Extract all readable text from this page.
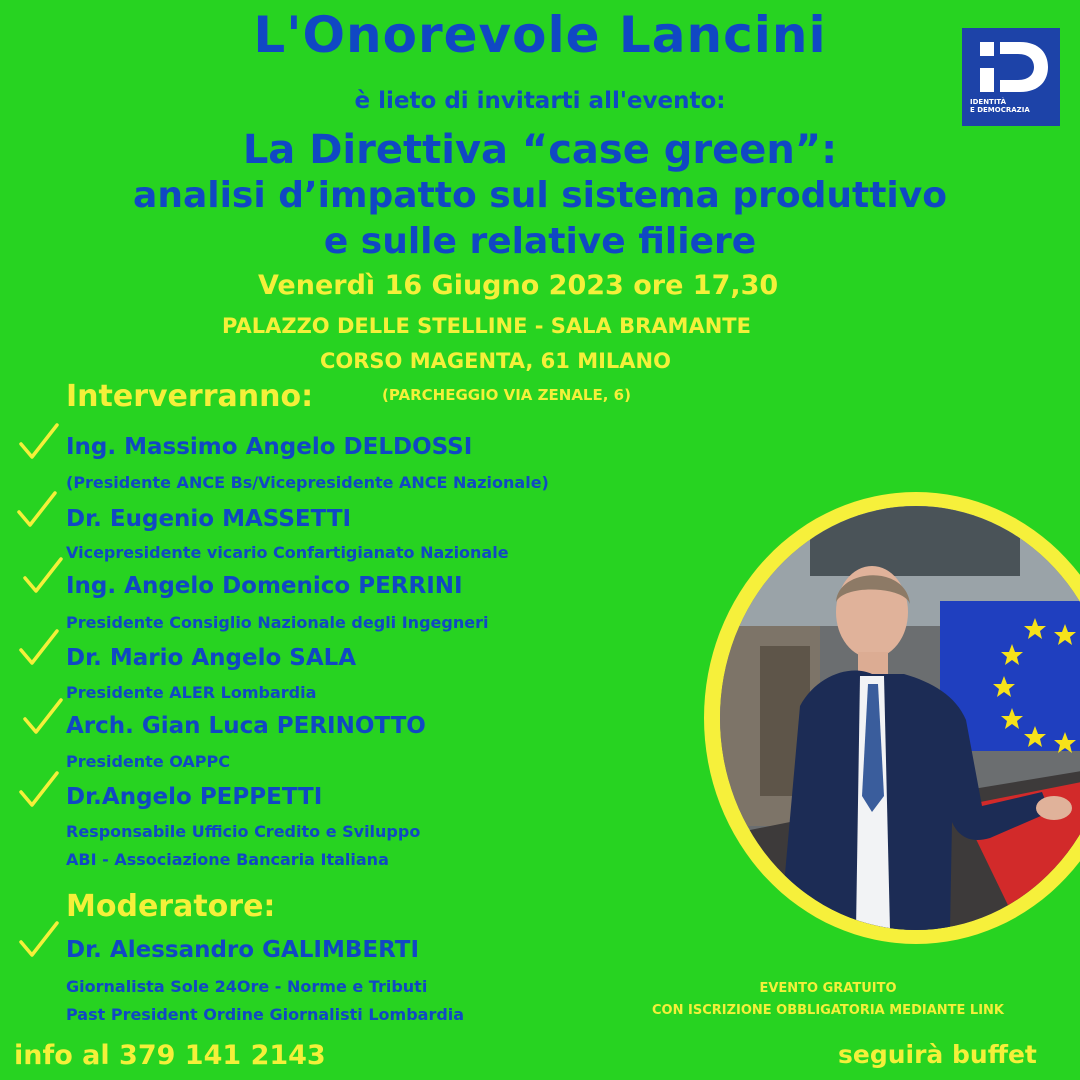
L'Onorevole Lancini
è lieto di invitarti all'evento:
La Direttiva “case green”:
analisi d’impatto sul sistema produttivo
e sulle relative filiere
Venerdì 16 Giugno 2023 ore 17,30
PALAZZO DELLE STELLINE - SALA BRAMANTE
CORSO MAGENTA, 61 MILANO
(PARCHEGGIO VIA ZENALE, 6)
Interverranno:
Ing. Massimo Angelo DELDOSSI
(Presidente ANCE Bs/Vicepresidente ANCE Nazionale)
Dr. Eugenio MASSETTI
Vicepresidente vicario Confartigianato Nazionale
Ing. Angelo Domenico PERRINI
Presidente Consiglio Nazionale degli Ingegneri
Dr. Mario Angelo SALA
Presidente ALER Lombardia
Arch. Gian Luca PERINOTTO
Presidente OAPPC
Dr.Angelo PEPPETTI
Responsabile Ufficio Credito e Sviluppo
ABI - Associazione Bancaria Italiana
Moderatore:
Dr. Alessandro GALIMBERTI
Giornalista Sole 24Ore - Norme e Tributi
Past President Ordine Giornalisti Lombardia
info al 379 141 2143
EVENTO GRATUITO
CON ISCRIZIONE OBBLIGATORIA MEDIANTE LINK
seguirà buffet
IDENTITÀ
E DEMOCRAZIA
